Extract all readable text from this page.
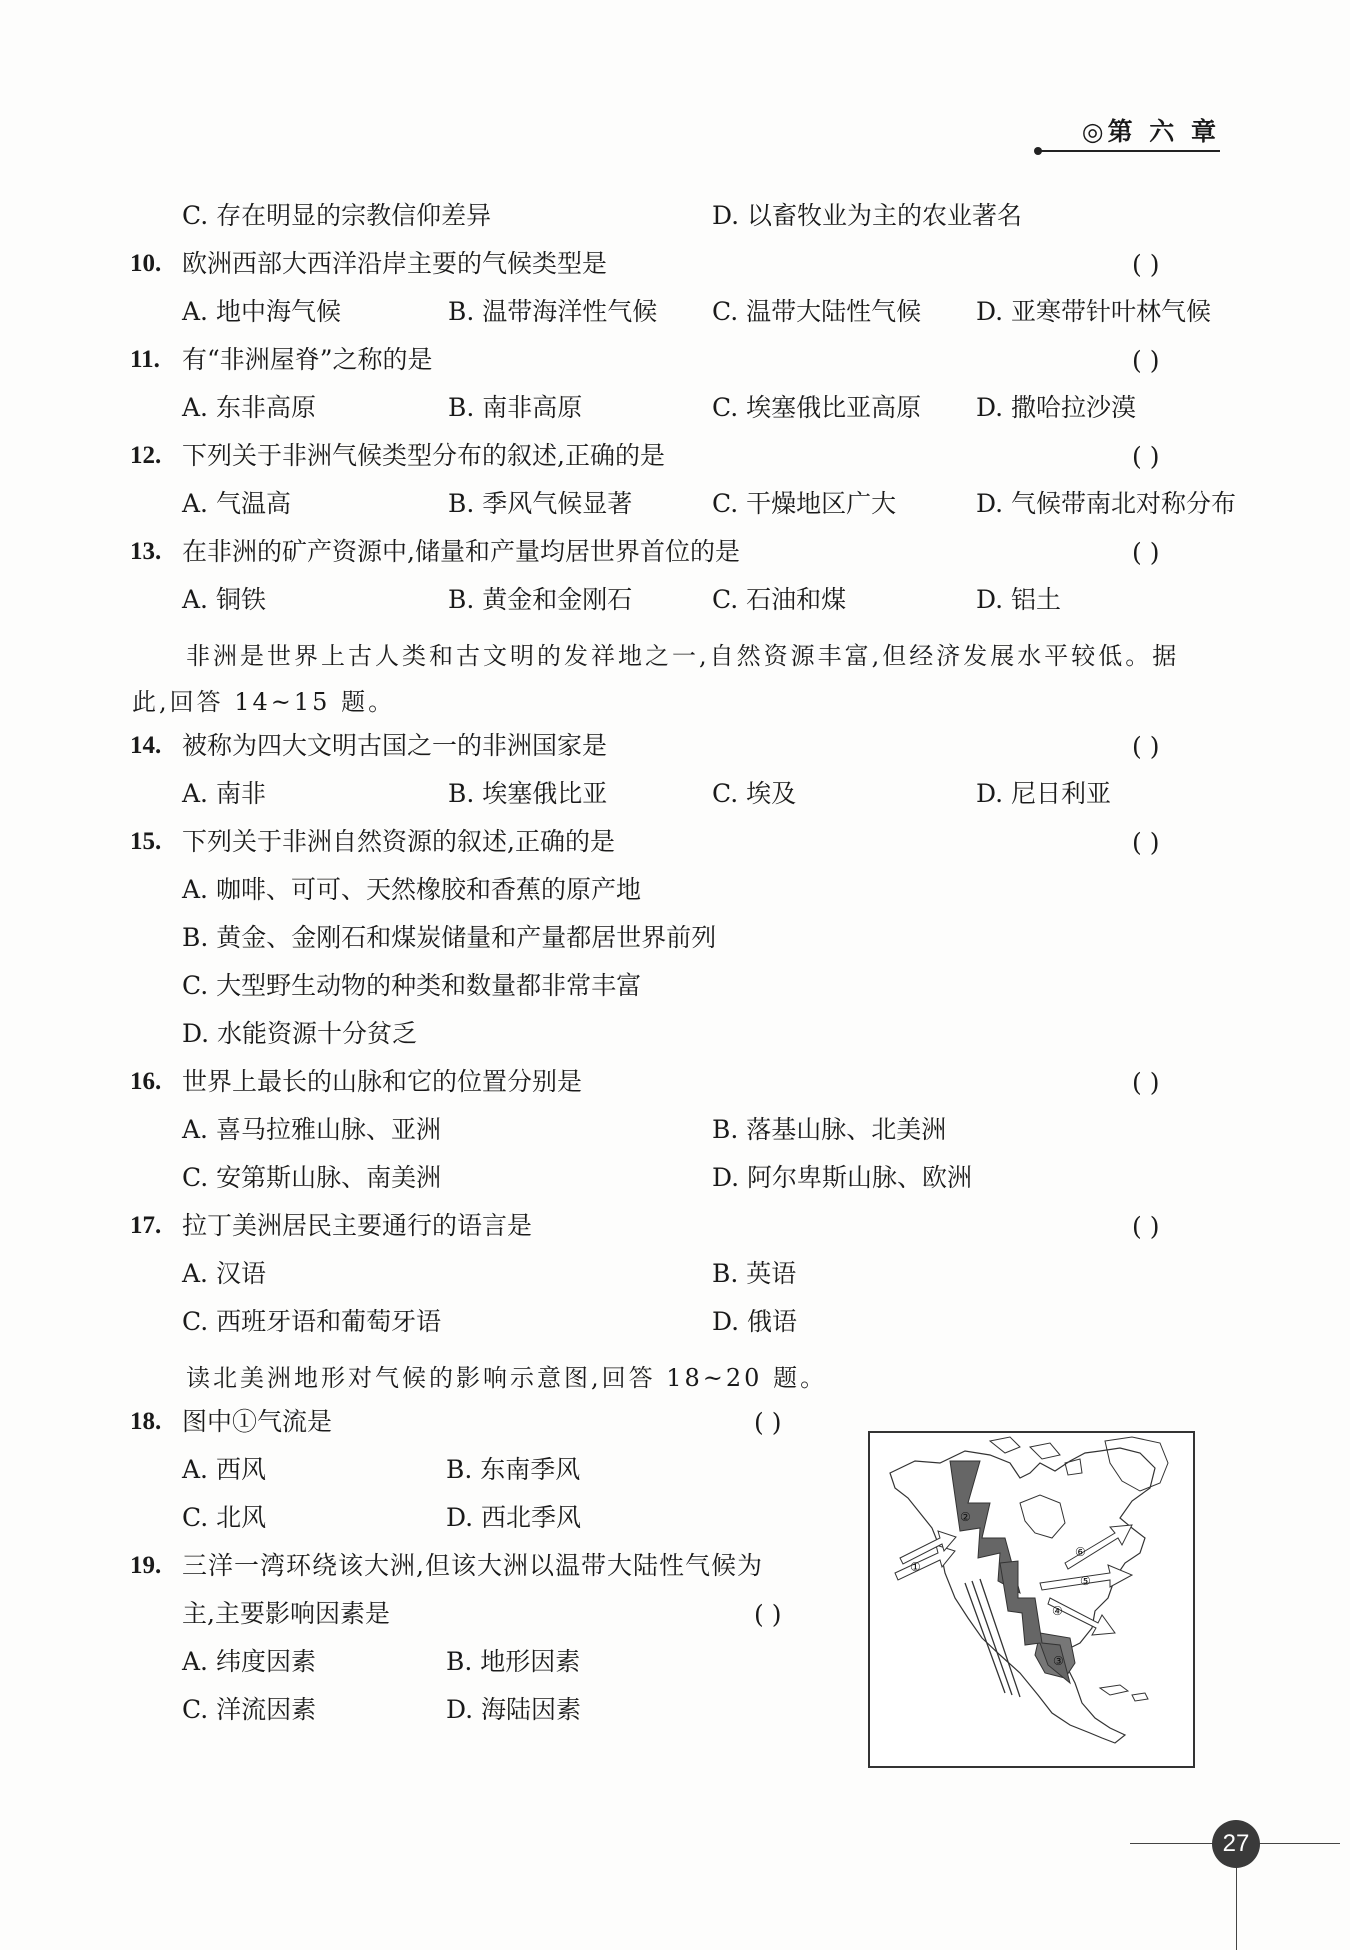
◎第 六 章
C. 存在明显的宗教信仰差异	D. 以畜牧业为主的农业著名
10. 欧洲西部大西洋沿岸主要的气候类型是	( )
A. 地中海气候	B. 温带海洋性气候 C. 温带大陆性气候 D. 亚寒带针叶林气候
11. 有“非洲屋脊”之称的是	( )
A. 东非高原	B. 南非高原	C. 埃塞俄比亚高原 D. 撒哈拉沙漠
12. 下列关于非洲气候类型分布的叙述,正确的是	( )
A. 气温高	B. 季风气候显著	C. 干燥地区广大	D. 气候带南北对称分布
13. 在非洲的矿产资源中,储量和产量均居世界首位的是	( )
A. 铜铁	B. 黄金和金刚石	C. 石油和煤	D. 铝土
非洲是世界上古人类和古文明的发祥地之一,自然资源丰富,但经济发展水平较低。据
此,回答 14~15 题。
14. 被称为四大文明古国之一的非洲国家是	( )
A. 南非	B. 埃塞俄比亚	C. 埃及	D. 尼日利亚
15. 下列关于非洲自然资源的叙述,正确的是	( )
A. 咖啡、可可、天然橡胶和香蕉的原产地
B. 黄金、金刚石和煤炭储量和产量都居世界前列
C. 大型野生动物的种类和数量都非常丰富
D. 水能资源十分贫乏
16. 世界上最长的山脉和它的位置分别是	( )
A. 喜马拉雅山脉、亚洲	B. 落基山脉、北美洲
C. 安第斯山脉、南美洲	D. 阿尔卑斯山脉、欧洲
17. 拉丁美洲居民主要通行的语言是	( )
A. 汉语	B. 英语
C. 西班牙语和葡萄牙语	D. 俄语
读北美洲地形对气候的影响示意图,回答 18~20 题。
18. 图中①气流是	( )
A. 西风	B. 东南季风
C. 北风	D. 西北季风
19. 三洋一湾环绕该大洲,但该大洲以温带大陆性气候为
主,主要影响因素是	( )
A. 纬度因素	B. 地形因素
C. 洋流因素	D. 海陆因素
①
②
③
④
⑤
⑥
27
